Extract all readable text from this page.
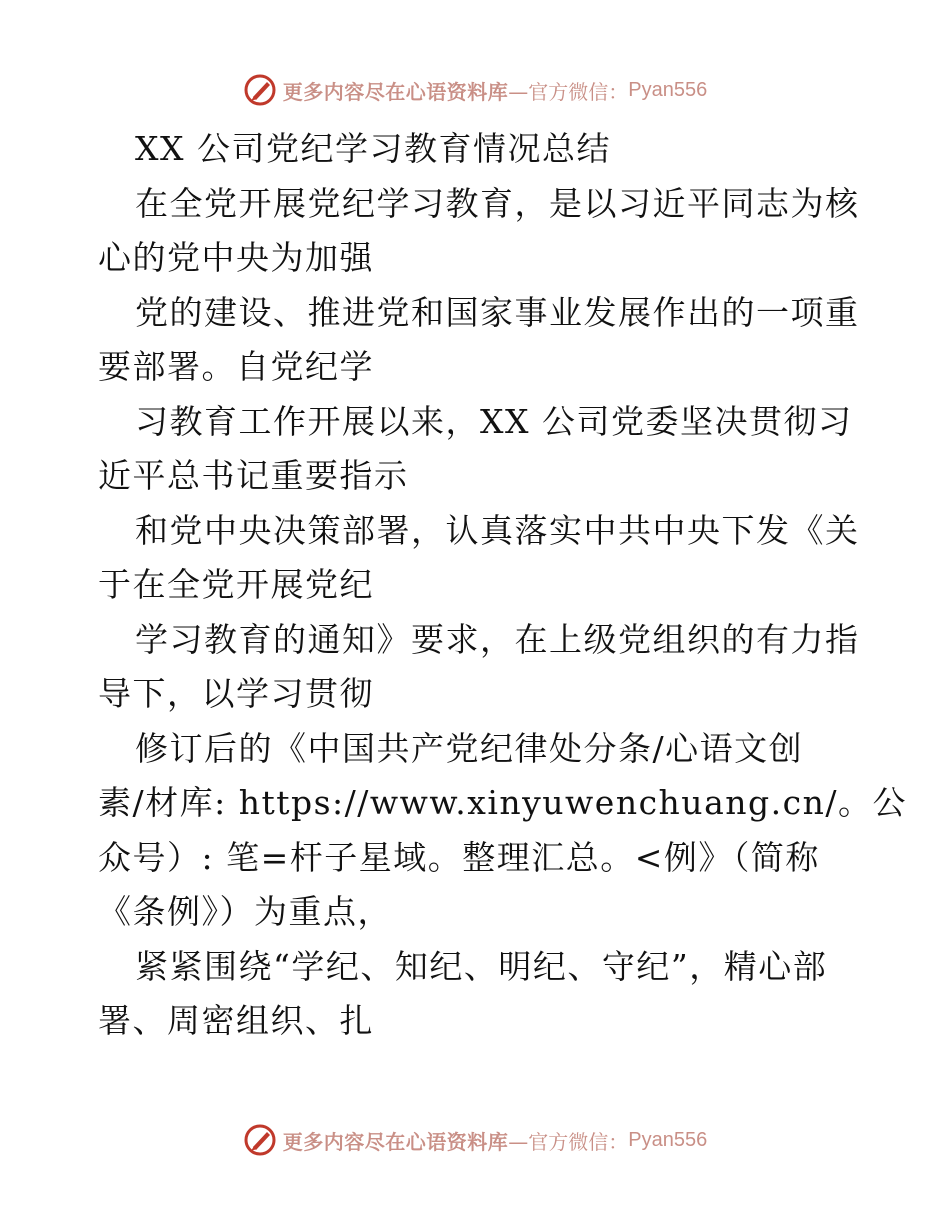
更多内容尽在心语资料库 —官方微信： Pyan556
XX 公司党纪学习教育情况总结
在全党开展党纪学习教育，是以习近平同志为核
心的党中央为加强
党的建设、推进党和国家事业发展作出的一项重
要部署。自党纪学
习教育工作开展以来，XX 公司党委坚决贯彻习
近平总书记重要指示
和党中央决策部署，认真落实中共中央下发《关
于在全党开展党纪
学习教育的通知》要求，在上级党组织的有力指
导下，以学习贯彻
修订后的《中国共产党纪律处分条/心语文创
素/材库: https://www.xinyuwenchuang.cn/。公
众号）: 笔=杆子星域。整理汇总。<例》（简称
《条例》）为重点，
紧紧围绕“学纪、知纪、明纪、守纪”，精心部
署、周密组织、扎
更多内容尽在心语资料库 —官方微信： Pyan556
